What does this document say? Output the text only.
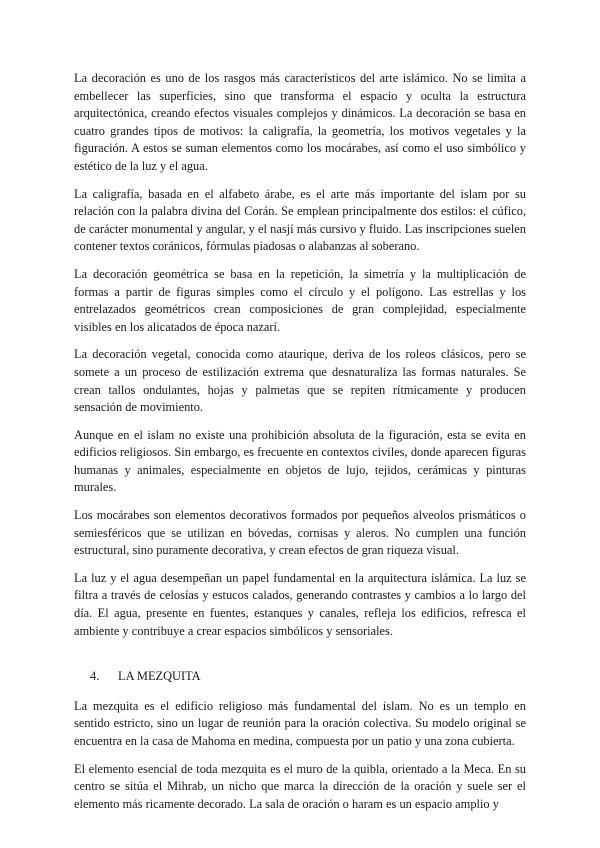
La decoración es uno de los rasgos más característicos del arte islámico. No se limita a embellecer las superficies, sino que transforma el espacio y oculta la estructura arquitectónica, creando efectos visuales complejos y dinámicos. La decoración se basa en cuatro grandes tipos de motivos: la caligrafía, la geometría, los motivos vegetales y la figuración. A estos se suman elementos como los mocárabes, así como el uso simbólico y estético de la luz y el agua.

La caligrafía, basada en el alfabeto árabe, es el arte más importante del islam por su relación con la palabra divina del Corán. Se emplean principalmente dos estilos: el cúfico, de carácter monumental y angular, y el nasjí más cursivo y fluido. Las inscripciones suelen contener textos coránicos, fórmulas piadosas o alabanzas al soberano.

La decoración geométrica se basa en la repetición, la simetría y la multiplicación de formas a partir de figuras simples como el círculo y el polígono. Las estrellas y los entrelazados geométricos crean composiciones de gran complejidad, especialmente visibles en los alicatados de época nazarí.

La decoración vegetal, conocida como ataurique, deriva de los roleos clásicos, pero se somete a un proceso de estilización extrema que desnaturaliza las formas naturales. Se crean tallos ondulantes, hojas y palmetas que se repiten rítmicamente y producen sensación de movimiento.

Aunque en el islam no existe una prohibición absoluta de la figuración, esta se evita en edificios religiosos. Sin embargo, es frecuente en contextos civiles, donde aparecen figuras humanas y animales, especialmente en objetos de lujo, tejidos, cerámicas y pinturas murales.

Los mocárabes son elementos decorativos formados por pequeños alveolos prismáticos o semiesféricos que se utilizan en bóvedas, cornisas y aleros. No cumplen una función estructural, sino puramente decorativa, y crean efectos de gran riqueza visual.

La luz y el agua desempeñan un papel fundamental en la arquitectura islámica. La luz se filtra a través de celosías y estucos calados, generando contrastes y cambios a lo largo del día. El agua, presente en fuentes, estanques y canales, refleja los edificios, refresca el ambiente y contribuye a crear espacios simbólicos y sensoriales.

4.	LA MEZQUITA

La mezquita es el edificio religioso más fundamental del islam. No es un templo en sentido estricto, sino un lugar de reunión para la oración colectiva. Su modelo original se encuentra en la casa de Mahoma en medina, compuesta por un patio y una zona cubierta.

El elemento esencial de toda mezquita es el muro de la quibla, orientado a la Meca. En su centro se sitúa el Mihrab, un nicho que marca la dirección de la oración y suele ser el elemento más ricamente decorado. La sala de oración o haram es un espacio amplio y
